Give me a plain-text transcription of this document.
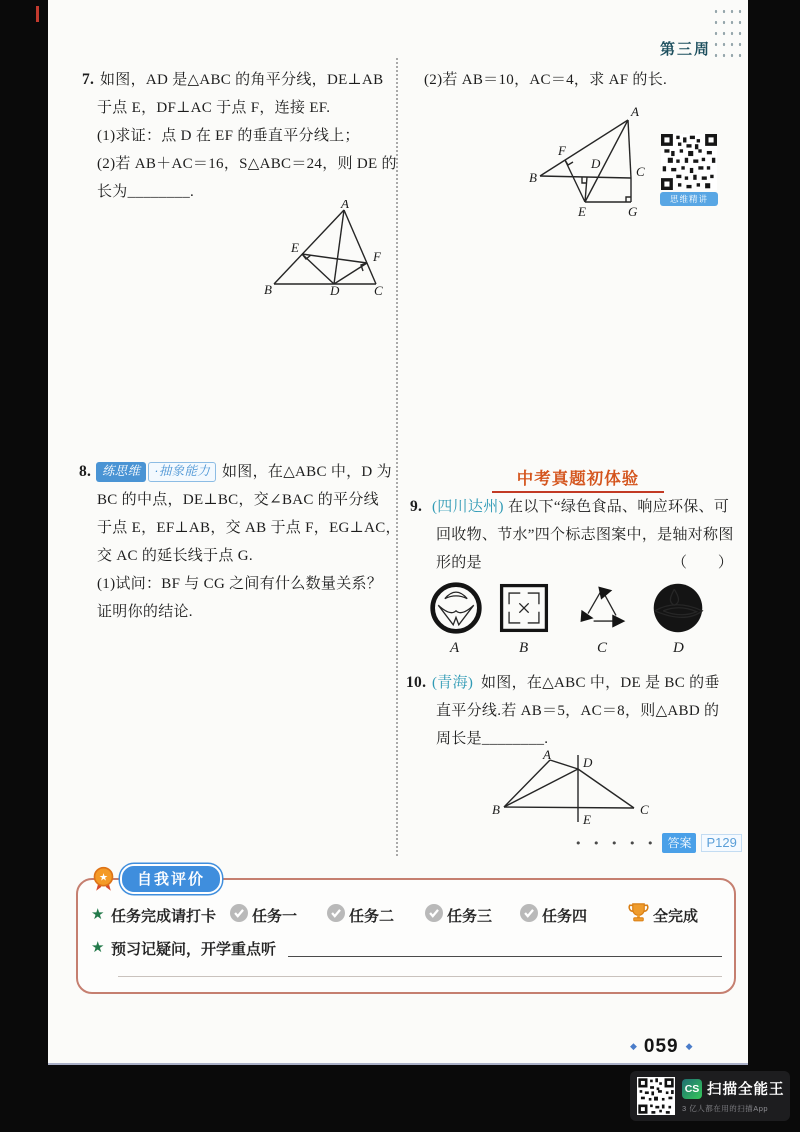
第三周
7. 如图，AD 是△ABC 的角平分线，DE⊥AB
于点 E，DF⊥AC 于点 F，连接 EF.
(1)求证：点 D 在 EF 的垂直平分线上；
(2)若 AB＋AC＝16，S△ABC＝24，则 DE 的
长为________.
A
B	C
D
E
F
8. 练思维 ·抽象能力 如图，在△ABC 中，D 为
BC 的中点，DE⊥BC，交∠BAC 的平分线
于点 E，EF⊥AB，交 AB 于点 F，EG⊥AC，
交 AC 的延长线于点 G.
(1)试问：BF 与 CG 之间有什么数量关系？
证明你的结论.
(2)若 AB＝10，AC＝4，求 AF 的长.
A
B	C
F
D
E	G
思维精讲
中考真题初体验
9. (四川达州) 在以下“绿色食品、响应环保、可
回收物、节水”四个标志图案中，是轴对称图
形的是	（　　）
A	B	C	D
10. (青海) 如图，在△ABC 中，DE 是 BC 的垂
直平分线.若 AB＝5，AC＝8，则△ABD 的
周长是________.
A
D
B	C
E
• • • • • 答案	P129
★	自我评价
★ 任务完成请打卡 任务一	任务二	任务三	任务四	全完成
★ 预习记疑问，开学重点听
◆ 059 ◆
CS 扫描全能王
3 亿人都在用的扫描App
